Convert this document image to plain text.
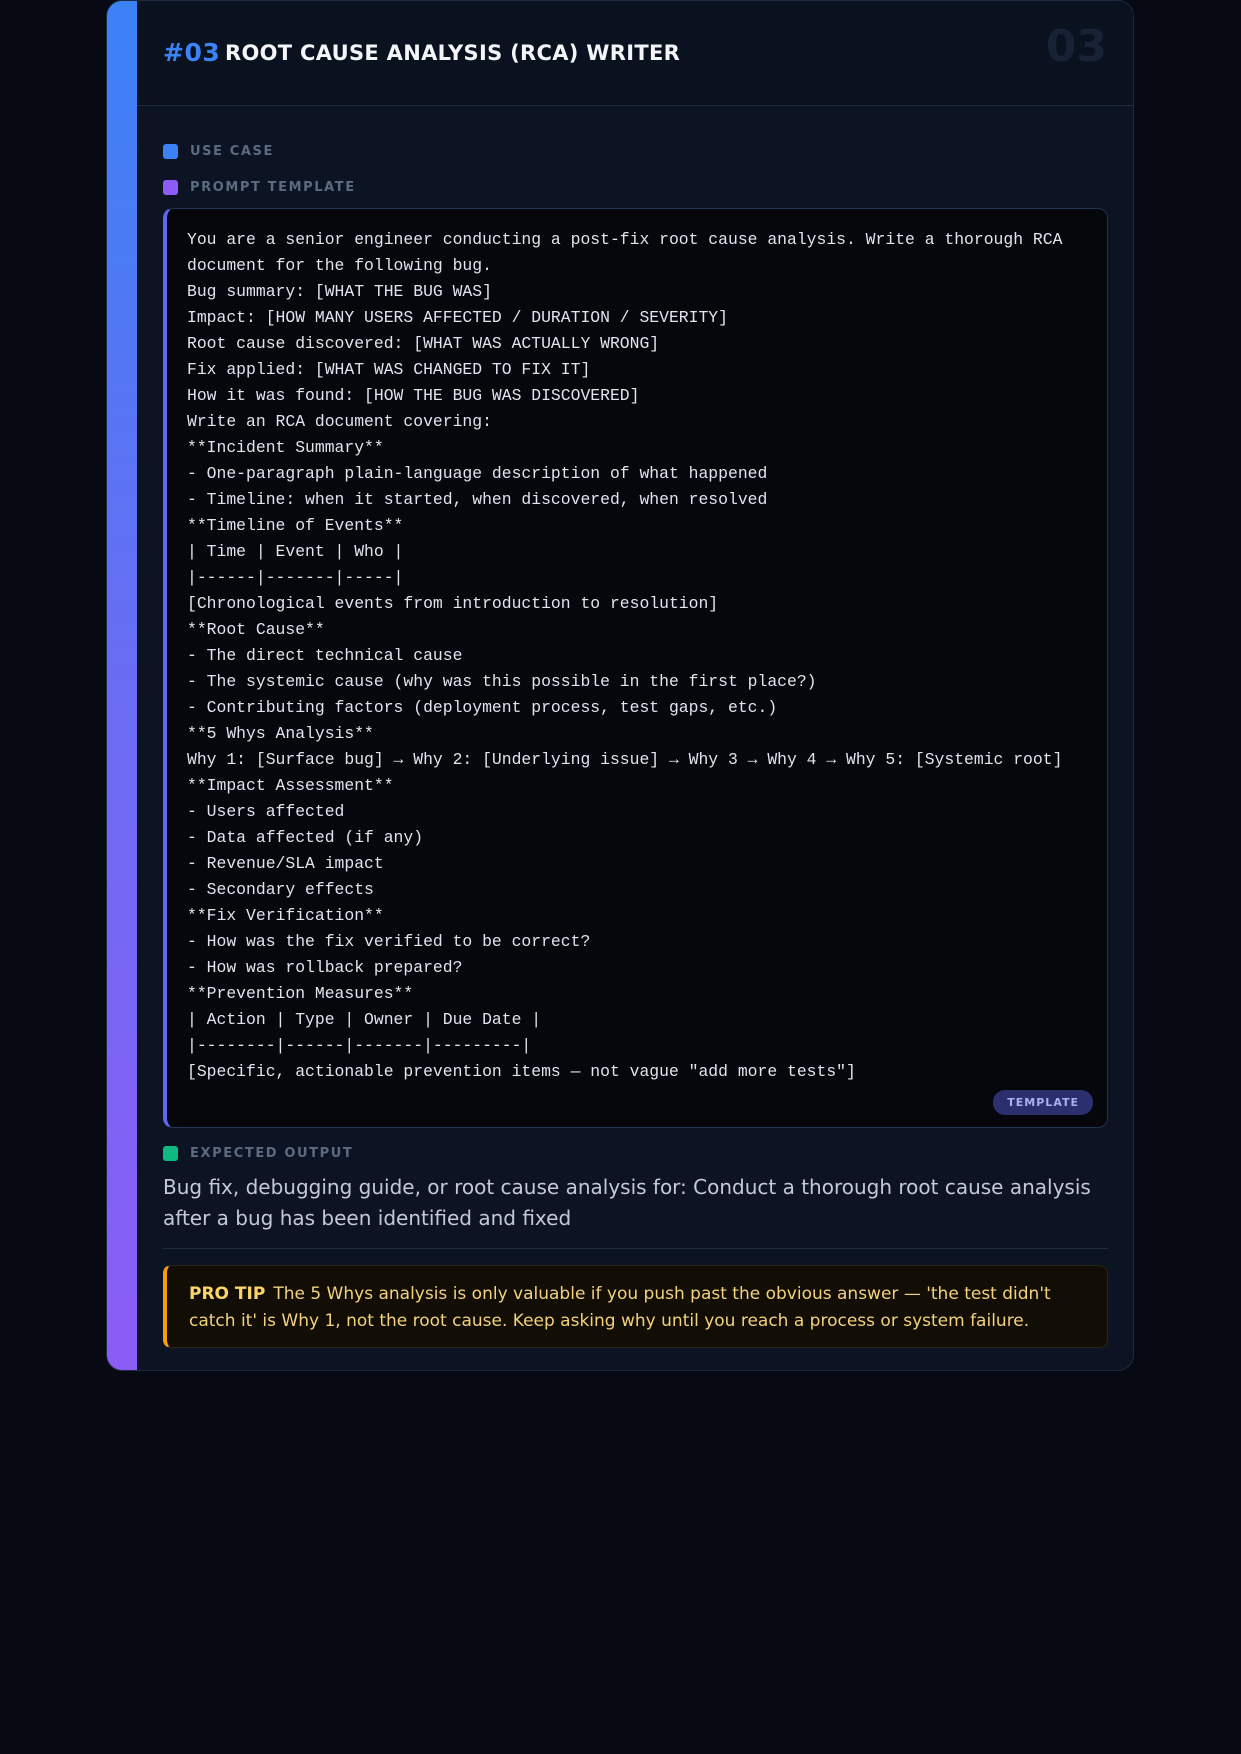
#03 ROOT CAUSE ANALYSIS (RCA) WRITER	03
USE CASE
PROMPT TEMPLATE
You are a senior engineer conducting a post-fix root cause analysis. Write a thorough RCA
document for the following bug.
Bug summary: [WHAT THE BUG WAS]
Impact: [HOW MANY USERS AFFECTED / DURATION / SEVERITY]
Root cause discovered: [WHAT WAS ACTUALLY WRONG]
Fix applied: [WHAT WAS CHANGED TO FIX IT]
How it was found: [HOW THE BUG WAS DISCOVERED]
Write an RCA document covering:
**Incident Summary**
- One-paragraph plain-language description of what happened
- Timeline: when it started, when discovered, when resolved
**Timeline of Events**
| Time | Event | Who |
|------|-------|-----|
[Chronological events from introduction to resolution]
**Root Cause**
- The direct technical cause
- The systemic cause (why was this possible in the first place?)
- Contributing factors (deployment process, test gaps, etc.)
**5 Whys Analysis**
Why 1: [Surface bug] → Why 2: [Underlying issue] → Why 3 → Why 4 → Why 5: [Systemic root]
**Impact Assessment**
- Users affected
- Data affected (if any)
- Revenue/SLA impact
- Secondary effects
**Fix Verification**
- How was the fix verified to be correct?
- How was rollback prepared?
**Prevention Measures**
| Action | Type | Owner | Due Date |
|--------|------|-------|---------|
[Specific, actionable prevention items — not vague "add more tests"]
TEMPLATE
EXPECTED OUTPUT
Bug fix, debugging guide, or root cause analysis for: Conduct a thorough root cause analysis after a bug has been identified and fixed
PRO TIP The 5 Whys analysis is only valuable if you push past the obvious answer — 'the test didn't catch it' is Why 1, not the root cause. Keep asking why until you reach a process or system failure.
